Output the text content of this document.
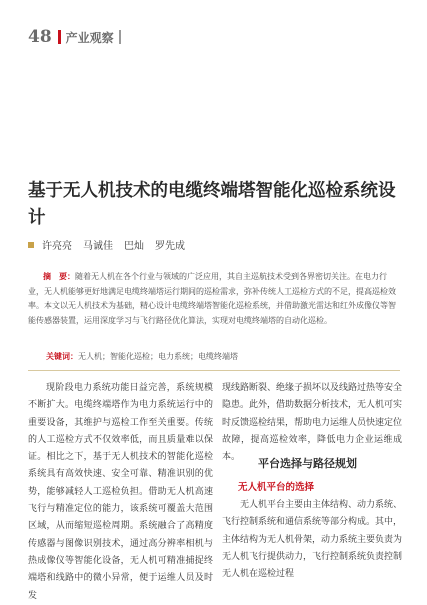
48 产业观察
基于无人机技术的电缆终端塔智能化巡检系统设计
许亮亮 马诚佳 巴灿 罗先成
摘　要：随着无人机在各个行业与领域的广泛应用，其自主巡航技术受到各界密切关注。在电力行业，无人机能够更好地满足电缆终端塔运行期间的巡检需求，弥补传统人工巡检方式的不足，提高巡检效率。本文以无人机技术为基础，精心设计电缆终端塔智能化巡检系统，并借助激光雷达和红外成像仪等智能传感器装置，运用深度学习与飞行路径优化算法，实现对电缆终端塔的自动化巡检。
关键词：无人机；智能化巡检；电力系统；电缆终端塔
现阶段电力系统功能日益完善，系统规模不断扩大。电缆终端塔作为电力系统运行中的重要设备，其维护与巡检工作至关重要。传统的人工巡检方式不仅效率低，而且质量难以保证。相比之下，基于无人机技术的智能化巡检系统具有高效快速、安全可靠、精准识别的优势，能够减轻人工巡检负担。借助无人机高速飞行与精准定位的能力，该系统可覆盖大范围区域，从而缩短巡检周期。系统融合了高精度传感器与图像识别技术，通过高分辨率相机与热成像仪等智能化设备，无人机可精准捕捉终端塔和线路中的微小异常，便于运维人员及时发
现线路断裂、绝缘子损坏以及线路过热等安全隐患。此外，借助数据分析技术，无人机可实时反馈巡检结果，帮助电力运维人员快速定位故障，提高巡检效率，降低电力企业运维成本。	平台选择与路径规划
无人机平台的选择
无人机平台主要由主体结构、动力系统、飞行控制系统和通信系统等部分构成。其中，主体结构为无人机骨架，动力系统主要负责为无人机飞行提供动力，飞行控制系统负责控制无人机在巡检过程
